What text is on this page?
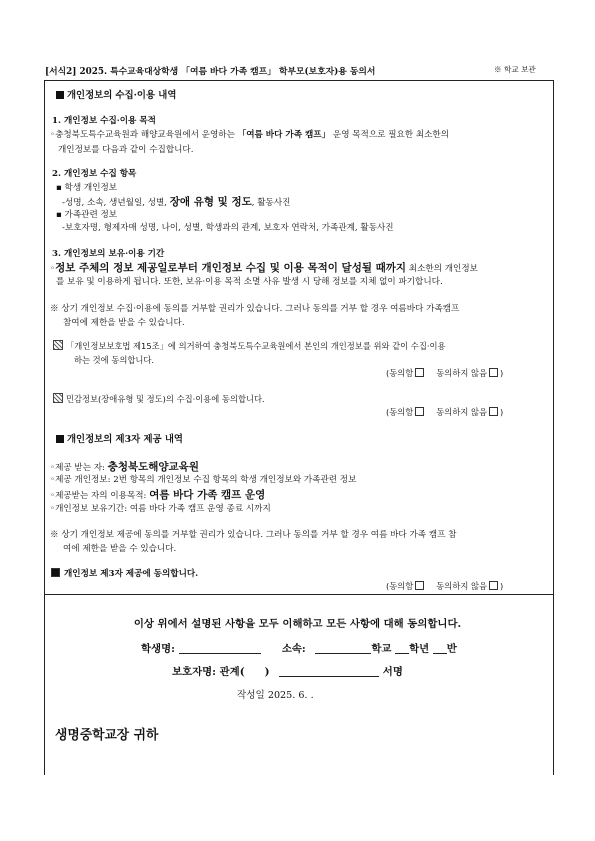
[서식2] 2025. 특수교육대상학생 「여름 바다 가족 캠프」 학부모(보호자)용 동의서	※ 학교 보관
개인정보의 수집·이용 내역
1. 개인정보 수집·이용 목적
◦충청북도특수교육원과 해양교육원에서 운영하는 「여름 바다 가족 캠프」 운영 목적으로 필요한 최소한의
개인정보를 다음과 같이 수집합니다.
2. 개인정보 수집 항목
▪ 학생 개인정보
-성명, 소속, 생년월일, 성별, 장애 유형 및 정도, 활동사진
▪ 가족관련 정보
-보호자명, 형제자매 성명, 나이, 성별, 학생과의 관계, 보호자 연락처, 가족관계, 활동사진
3. 개인정보의 보유·이용 기간
◦정보 주체의 정보 제공일로부터 개인정보 수집 및 이용 목적이 달성될 때까지 최소한의 개인정보
를 보유 및 이용하게 됩니다. 또한, 보유·이용 목적 소멸 사유 발생 시 당해 정보를 지체 없이 파기합니다.
※ 상기 개인정보 수집·이용에 동의를 거부할 권리가 있습니다. 그러나 동의를 거부 할 경우 여름바다 가족캠프
참여에 제한을 받을 수 있습니다.
「개인정보보호법 제15조」에 의거하여 충청북도특수교육원에서 본인의 개인정보를 위와 같이 수집·이용
하는 것에 동의합니다.
(동의함	동의하지 않음 )
민감정보(장애유형 및 정도)의 수집·이용에 동의합니다.
(동의함	동의하지 않음 )
개인정보의 제3자 제공 내역
◦제공 받는 자: 충청북도해양교육원
◦제공 개인정보: 2번 항목의 개인정보 수집 항목의 학생 개인정보와 가족관련 정보
◦제공받는 자의 이용목적: 여름 바다 가족 캠프 운영
◦개인정보 보유기간: 여름 바다 가족 캠프 운영 종료 시까지
※ 상기 개인정보 제공에 동의를 거부할 권리가 있습니다. 그러나 동의를 거부 할 경우 여름 바다 가족 캠프 참
여에 제한을 받을 수 있습니다.
개인정보 제3자 제공에 동의합니다.
(동의함	동의하지 않음 )
이상 위에서 설명된 사항을 모두 이해하고 모든 사항에 대해 동의합니다.
학생명:	소속:	학교 학년 반
보호자명: 관계( )	서명
작성일 2025. 6. .
생명중학교장 귀하
